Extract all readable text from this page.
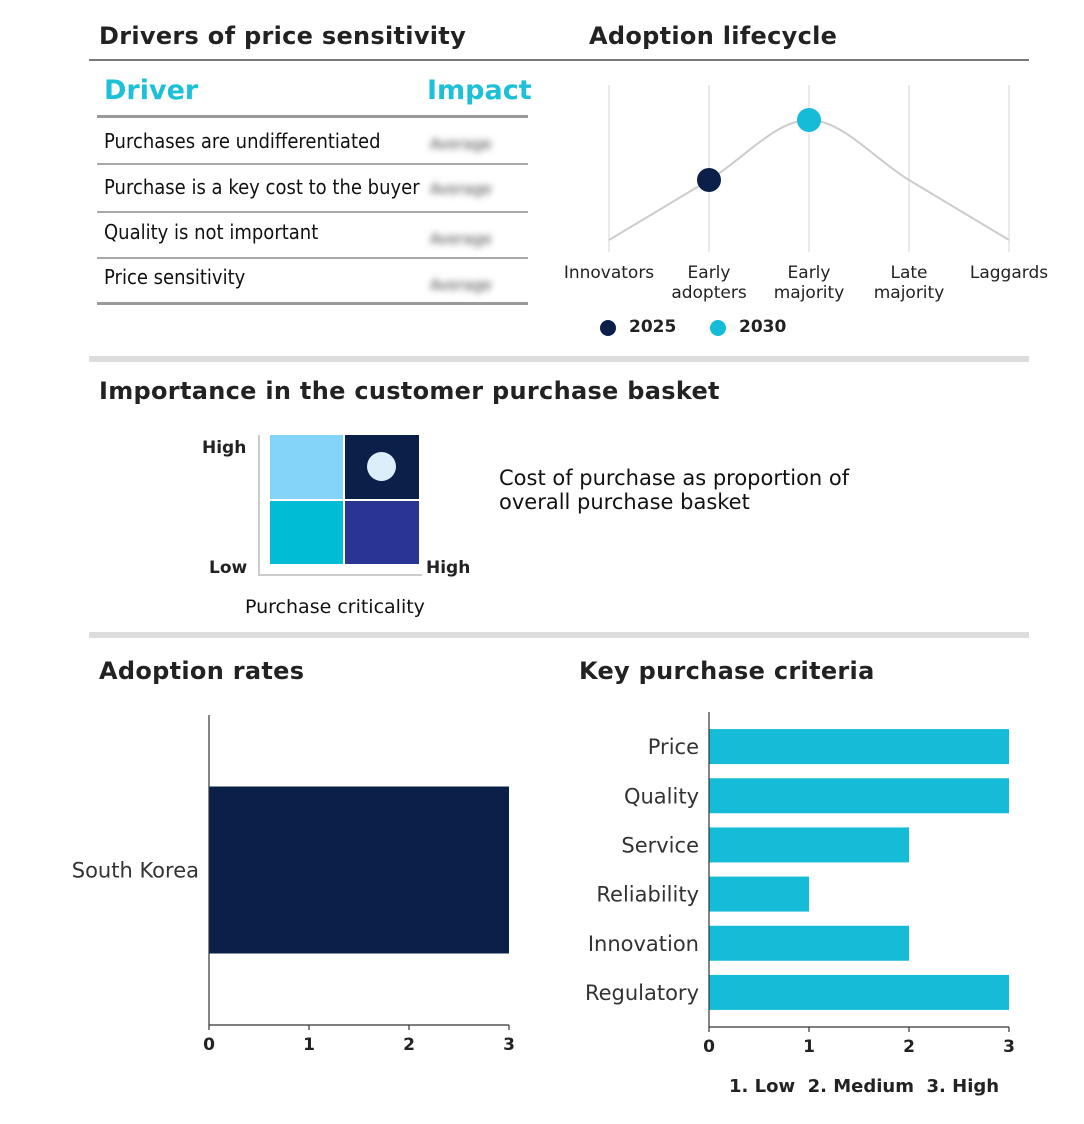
Drivers of price sensitivity	Adoption lifecycle
Driver	Impact
Purchases are undifferentiated	Average
Purchase is a key cost to the buyer Average
Quality is not important	Average
Price sensitivity	Average
Innovators	Early adopters
Early majority
Late majority
Laggards
2025	2030
Importance in the customer purchase basket
High
Low	High
Purchase criticality
Cost of purchase as proportion of overall purchase basket
Adoption rates	Key purchase criteria
South Korea
0	1	2	3
Price
Quality
Service
Reliability
Innovation
Regulatory
0	1	2	3
1. Low  2. Medium  3. High
